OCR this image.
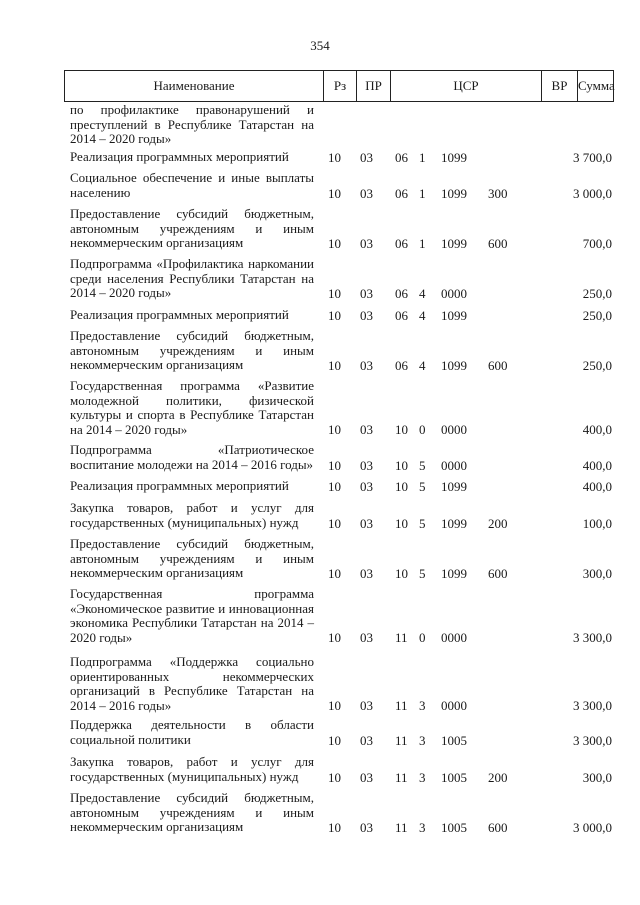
354
Наименование	Рз	ПР	ЦСР	ВР Сумма
по профилактике правонарушений и преступлений в Республике Татарстан на 2014 – 2020 годы»
Реализация программных мероприятий	10 03 06 1 1099	3 700,0
Социальное обеспечение и иные выплаты населению	10 03 06 1 1099 300	3 000,0
Предоставление субсидий бюджетным, автономным учреждениям и иным некоммерческим организациям	10 03 06 1 1099 600	700,0
Подпрограмма «Профилактика наркомании среди населения Республики Татарстан на 2014 – 2020 годы»	10 03 06 4 0000	250,0
Реализация программных мероприятий	10 03 06 4 1099	250,0
Предоставление субсидий бюджетным, автономным учреждениям и иным некоммерческим организациям	10 03 06 4 1099 600	250,0
Государственная программа «Развитие молодежной политики, физической культуры и спорта в Республике Татарстан на 2014 – 2020 годы»	10 03 10 0 0000	400,0
Подпрограмма «Патриотическое воспитание молодежи на 2014 – 2016 годы» 10 03 10 5 0000	400,0
Реализация программных мероприятий	10 03 10 5 1099	400,0
Закупка товаров, работ и услуг для государственных (муниципальных) нужд	10 03 10 5 1099 200	100,0
Предоставление субсидий бюджетным, автономным учреждениям и иным некоммерческим организациям	10 03 10 5 1099 600	300,0
Государственная программа «Экономическое развитие и инновационная экономика Республики Татарстан на 2014 – 2020 годы»	10 03 11 0 0000	3 300,0
Подпрограмма «Поддержка социально ориентированных некоммерческих организаций в Республике Татарстан на 2014 – 2016 годы»	10 03 11 3 0000	3 300,0
Поддержка деятельности в области социальной политики	10 03 11 3 1005	3 300,0
Закупка товаров, работ и услуг для государственных (муниципальных) нужд	10 03 11 3 1005 200	300,0
Предоставление субсидий бюджетным, автономным учреждениям и иным некоммерческим организациям	10 03 11 3 1005 600	3 000,0
